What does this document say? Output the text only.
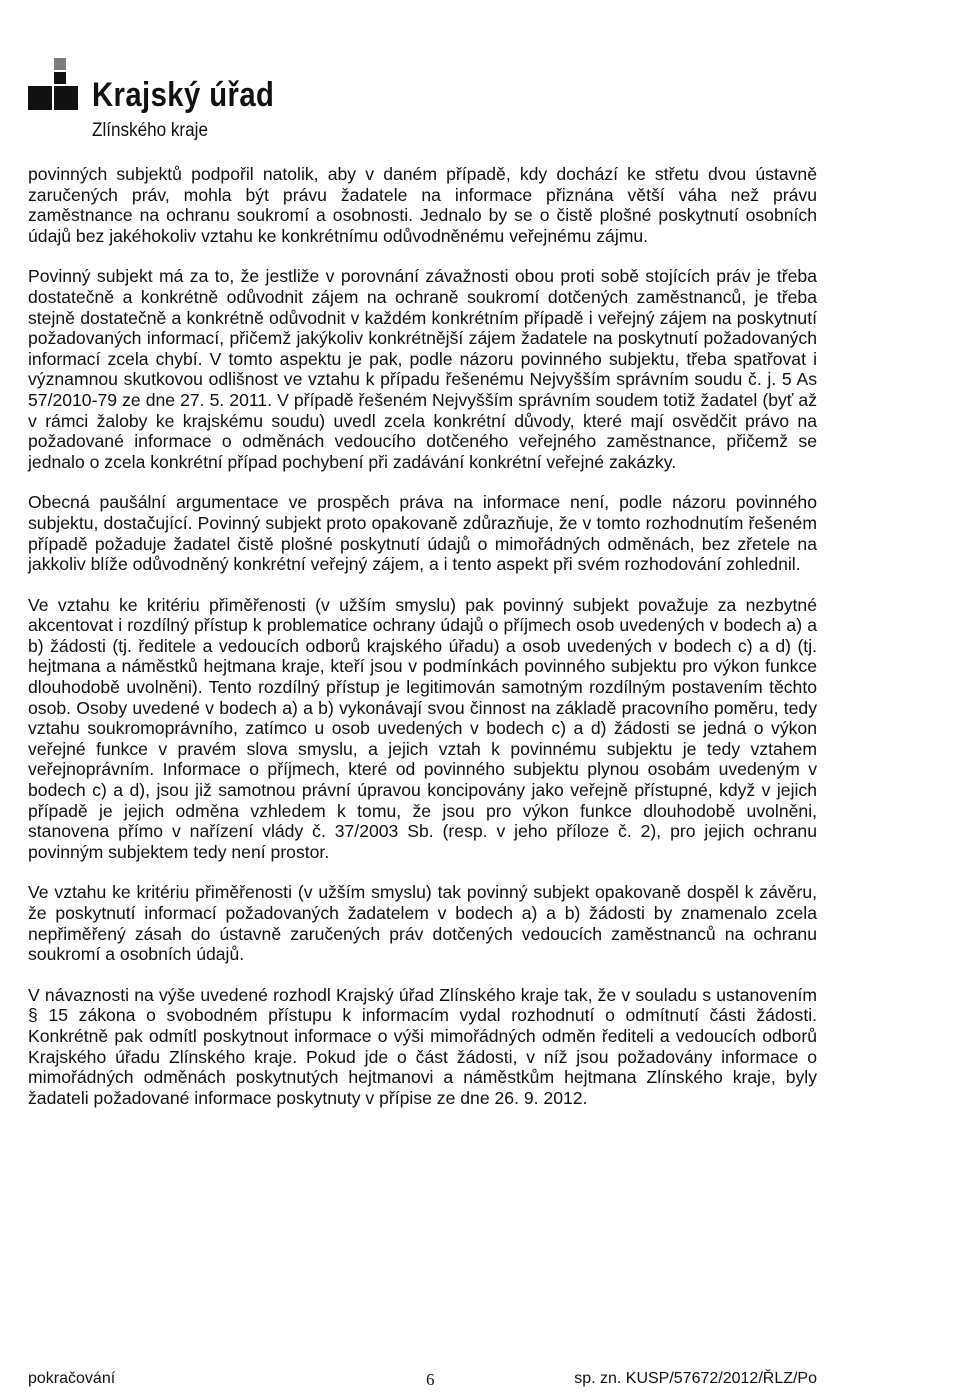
Krajský úřad
Zlínského kraje

povinných subjektů podpořil natolik, aby v daném případě, kdy dochází ke střetu dvou ústavně zaručených práv, mohla být právu žadatele na informace přiznána větší váha než právu zaměstnance na ochranu soukromí a osobnosti. Jednalo by se o čistě plošné poskytnutí osobních údajů bez jakéhokoliv vztahu ke konkrétnímu odůvodněnému veřejnému zájmu.

Povinný subjekt má za to, že jestliže v porovnání závažnosti obou proti sobě stojících práv je třeba dostatečně a konkrétně odůvodnit zájem na ochraně soukromí dotčených zaměstnanců, je třeba stejně dostatečně a konkrétně odůvodnit v každém konkrétním případě i veřejný zájem na poskytnutí požadovaných informací, přičemž jakýkoliv konkrétnější zájem žadatele na poskytnutí požadovaných informací zcela chybí. V tomto aspektu je pak, podle názoru povinného subjektu, třeba spatřovat i významnou skutkovou odlišnost ve vztahu k případu řešenému Nejvyšším správním soudu č. j. 5 As 57/2010-79 ze dne 27. 5. 2011. V případě řešeném Nejvyšším správním soudem totiž žadatel (byť až v rámci žaloby ke krajskému soudu) uvedl zcela konkrétní důvody, které mají osvědčit právo na požadované informace o odměnách vedoucího dotčeného veřejného zaměstnance, přičemž se jednalo o zcela konkrétní případ pochybení při zadávání konkrétní veřejné zakázky.

Obecná paušální argumentace ve prospěch práva na informace není, podle názoru povinného subjektu, dostačující. Povinný subjekt proto opakovaně zdůrazňuje, že v tomto rozhodnutím řešeném případě požaduje žadatel čistě plošné poskytnutí údajů o mimořádných odměnách, bez zřetele na jakkoliv blíže odůvodněný konkrétní veřejný zájem, a i tento aspekt při svém rozhodování zohlednil.

Ve vztahu ke kritériu přiměřenosti (v užším smyslu) pak povinný subjekt považuje za nezbytné akcentovat i rozdílný přístup k problematice ochrany údajů o příjmech osob uvedených v bodech a) a b) žádosti (tj. ředitele a vedoucích odborů krajského úřadu) a osob uvedených v bodech c) a d) (tj. hejtmana a náměstků hejtmana kraje, kteří jsou v podmínkách povinného subjektu pro výkon funkce dlouhodobě uvolněni). Tento rozdílný přístup je legitimován samotným rozdílným postavením těchto osob. Osoby uvedené v bodech a) a b) vykonávají svou činnost na základě pracovního poměru, tedy vztahu soukromoprávního, zatímco u osob uvedených v bodech c) a d) žádosti se jedná o výkon veřejné funkce v pravém slova smyslu, a jejich vztah k povinnému subjektu je tedy vztahem veřejnoprávním. Informace o příjmech, které od povinného subjektu plynou osobám uvedeným v bodech c) a d), jsou již samotnou právní úpravou koncipovány jako veřejně přístupné, když v jejich případě je jejich odměna vzhledem k tomu, že jsou pro výkon funkce dlouhodobě uvolněni, stanovena přímo v nařízení vlády č. 37/2003 Sb. (resp. v jeho příloze č. 2), pro jejich ochranu povinným subjektem tedy není prostor.

Ve vztahu ke kritériu přiměřenosti (v užším smyslu) tak povinný subjekt opakovaně dospěl k závěru, že poskytnutí informací požadovaných žadatelem v bodech a) a b) žádosti by znamenalo zcela nepřiměřený zásah do ústavně zaručených práv dotčených vedoucích zaměstnanců na ochranu soukromí a osobních údajů.

V návaznosti na výše uvedené rozhodl Krajský úřad Zlínského kraje tak, že v souladu s ustanovením § 15 zákona o svobodném přístupu k informacím vydal rozhodnutí o odmítnutí části žádosti. Konkrétně pak odmítl poskytnout informace o výši mimořádných odměn řediteli a vedoucích odborů Krajského úřadu Zlínského kraje. Pokud jde o část žádosti, v níž jsou požadovány informace o mimořádných odměnách poskytnutých hejtmanovi a náměstkům hejtmana Zlínského kraje, byly žadateli požadované informace poskytnuty v přípise ze dne 26. 9. 2012.

pokračování	6	sp. zn. KUSP/57672/2012/ŘLZ/Po
